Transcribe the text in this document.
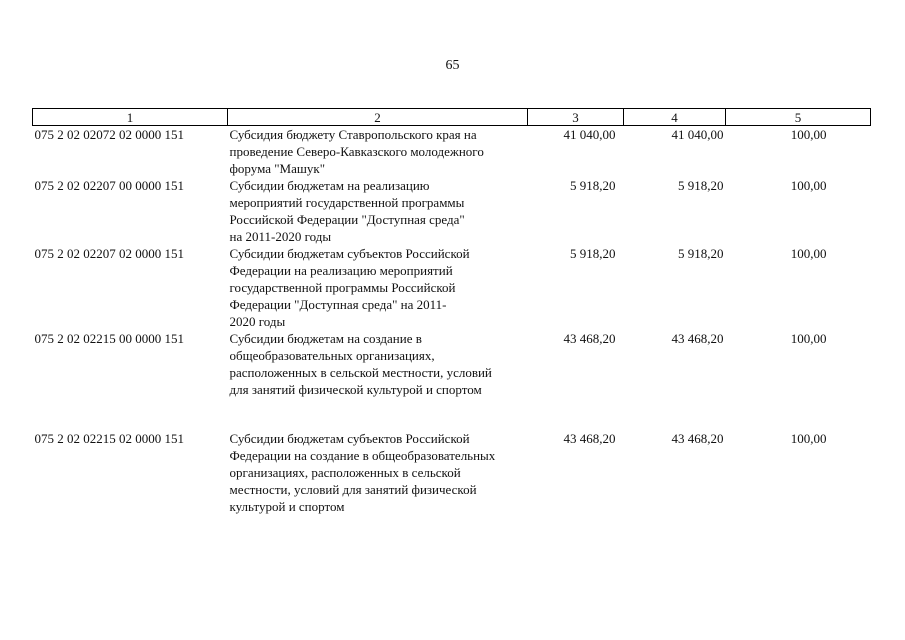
65
1	2	3	4	5
075 2 02 02072 02 0000 151	Субсидия бюджету Ставропольского края на
проведение Северо-Кавказского молодежного
форума "Машук"	41 040,00	41 040,00	100,00
075 2 02 02207 00 0000 151	Субсидии бюджетам на реализацию
мероприятий государственной программы
Российской Федерации "Доступная среда"
на 2011-2020 годы	5 918,20	5 918,20	100,00
075 2 02 02207 02 0000 151	Субсидии бюджетам субъектов Российской
Федерации на реализацию мероприятий
государственной программы Российской
Федерации "Доступная среда" на 2011-
2020 годы	5 918,20	5 918,20	100,00
075 2 02 02215 00 0000 151	Субсидии бюджетам на создание в
общеобразовательных организациях,
расположенных в сельской местности, условий
для занятий физической культурой и спортом	43 468,20	43 468,20	100,00
075 2 02 02215 02 0000 151	Субсидии бюджетам субъектов Российской
Федерации на создание в общеобразовательных
организациях, расположенных в сельской
местности, условий для занятий физической
культурой и спортом	43 468,20	43 468,20	100,00
